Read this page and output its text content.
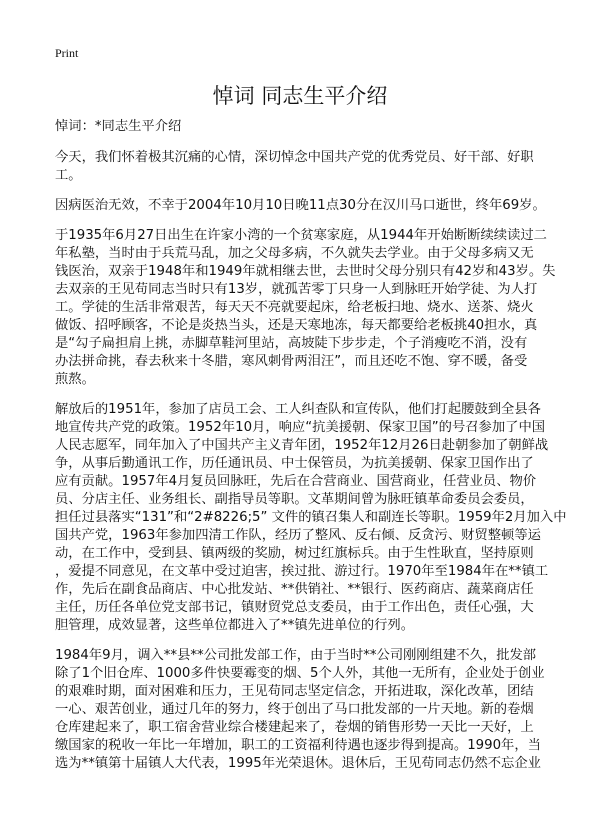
Print
悼词 同志生平介绍
悼词：*同志生平介绍
今天，我们怀着极其沉痛的心情，深切悼念中国共产党的优秀党员、好干部、好职
工。
因病医治无效，不幸于2004年10月10日晚11点30分在汉川马口逝世，终年69岁。
于1935年6月27日出生在许家小湾的一个贫寒家庭，从1944年开始断断续续读过二
年私塾，当时由于兵荒马乱，加之父母多病，不久就失去学业。由于父母多病又无
钱医治，双亲于1948年和1949年就相继去世，去世时父母分别只有42岁和43岁。失
去双亲的王见苟同志当时只有13岁，就孤苦零丁只身一人到脉旺开始学徒、为人打
工。学徒的生活非常艰苦，每天天不亮就要起床，给老板扫地、烧水、送茶、烧火
做饭、招呼顾客，不论是炎热当头，还是天寒地冻，每天都要给老板挑40担水，真
是“勾子扁担肩上挑，赤脚草鞋河里站，高坡陡下步步走，个子消瘦吃不消，没有
办法拼命挑，春去秋来十冬腊，寒风刺骨两泪汪”，而且还吃不饱、穿不暖，备受
煎熬。
解放后的1951年，参加了店员工会、工人纠查队和宣传队，他们打起腰鼓到全县各
地宣传共产党的政策。1952年10月，响应“抗美援朝、保家卫国”的号召参加了中国
人民志愿军，同年加入了中国共产主义青年团，1952年12月26日赴朝参加了朝鲜战
争，从事后勤通讯工作，历任通讯员、中士保管员，为抗美援朝、保家卫国作出了
应有贡献。1957年4月复员回脉旺，先后在合营商业、国营商业，任营业员、物价
员、分店主任、业务组长、副指导员等职。文革期间曾为脉旺镇革命委员会委员，
担任过县落实“131”和“2#8226;5” 文件的镇召集人和副连长等职。1959年2月加入中
国共产党，1963年参加四清工作队，经历了整风、反右倾、反贪污、财贸整顿等运
动，在工作中，受到县、镇两级的奖励，树过红旗标兵。由于生性耿直，坚持原则
，爱提不同意见，在文革中受过迫害，挨过批、游过行。1970年至1984年在**镇工
作，先后在副食品商店、中心批发站、**供销社、**银行、医药商店、蔬菜商店任
主任，历任各单位党支部书记，镇财贸党总支委员，由于工作出色，责任心强，大
胆管理，成效显著，这些单位都进入了**镇先进单位的行列。
1984年9月，调入**县**公司批发部工作，由于当时**公司刚刚组建不久，批发部
除了1个旧仓库、1000多件快要霉变的烟、5个人外，其他一无所有，企业处于创业
的艰难时期，面对困难和压力，王见苟同志坚定信念，开拓进取，深化改革，团结
一心、艰苦创业，通过几年的努力，终于创出了马口批发部的一片天地。新的卷烟
仓库建起来了，职工宿舍营业综合楼建起来了，卷烟的销售形势一天比一天好，上
缴国家的税收一年比一年增加，职工的工资福利待遇也逐步得到提高。1990年，当
选为**镇第十届镇人大代表，1995年光荣退休。退休后，王见苟同志仍然不忘企业
